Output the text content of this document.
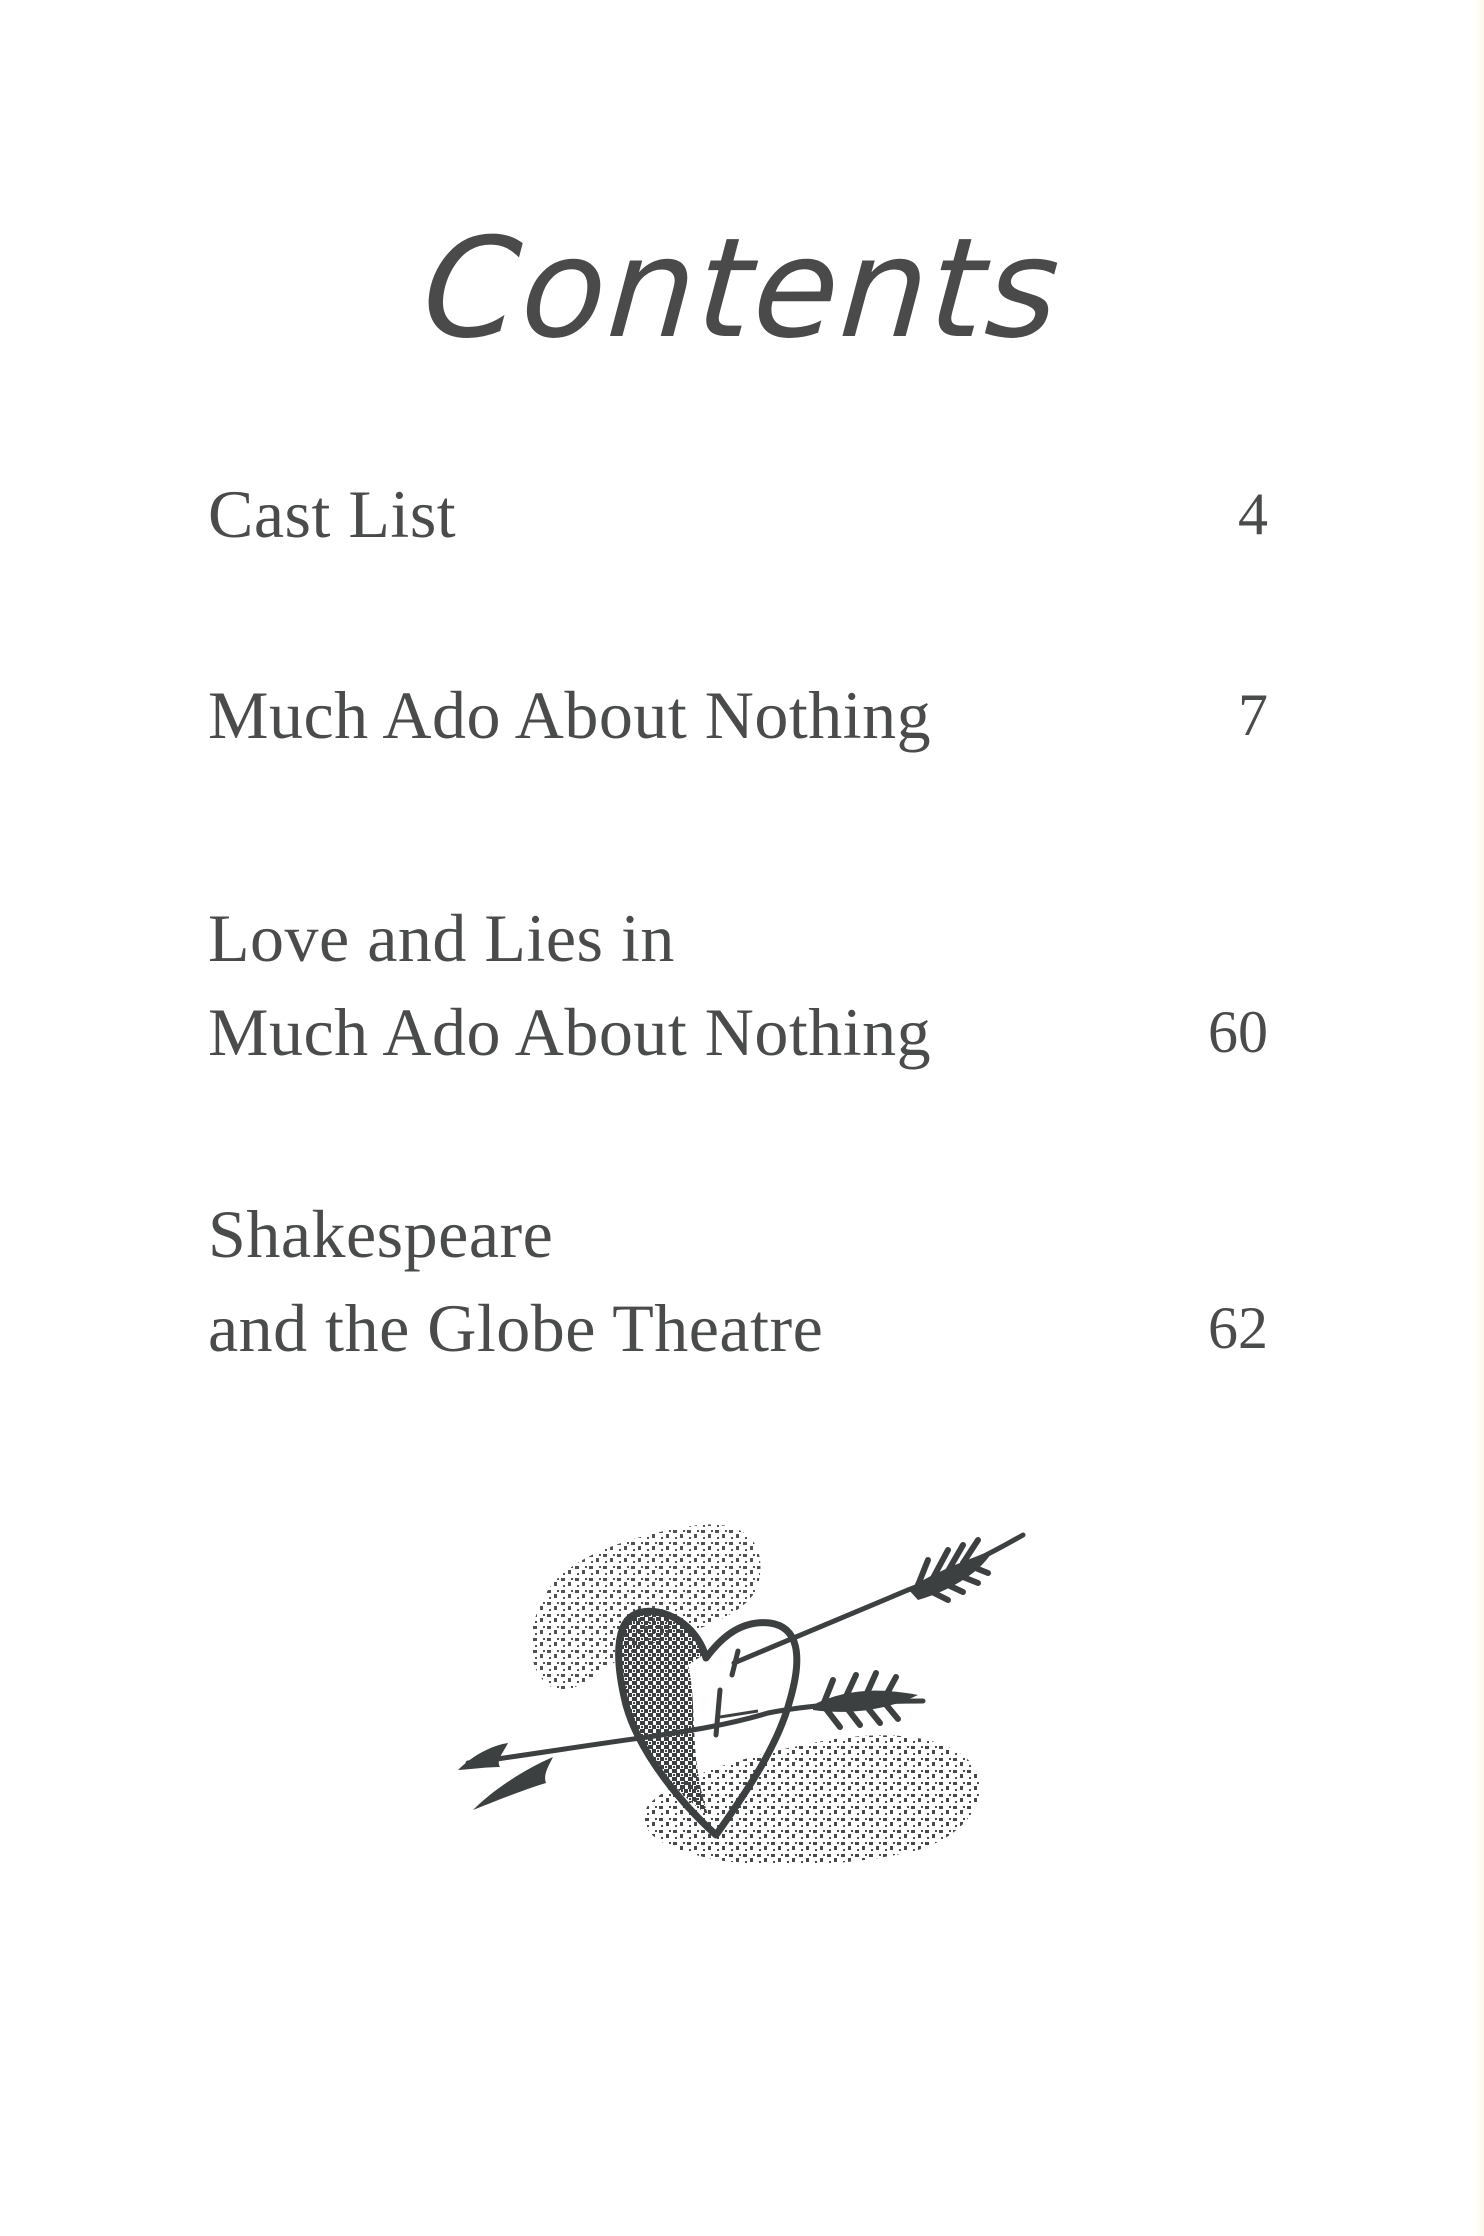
Contents
Cast List	4
Much Ado About Nothing	7
Love and Lies in
Much Ado About Nothing	60
Shakespeare
and the Globe Theatre	62
